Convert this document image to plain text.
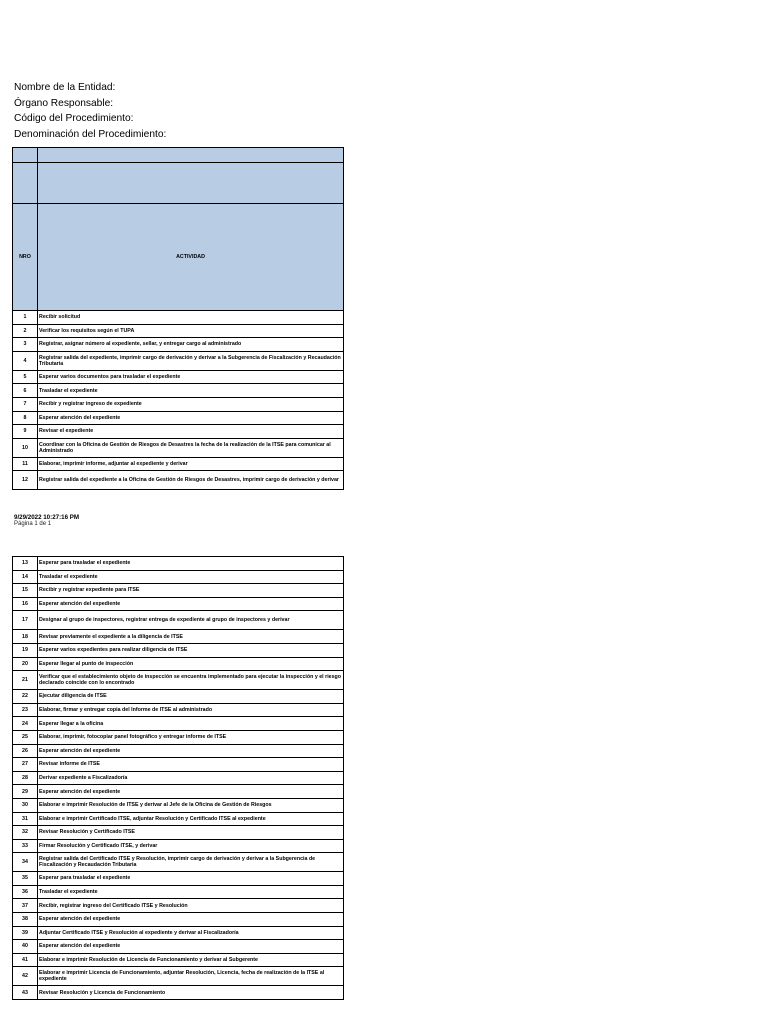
Nombre de la Entidad:
Órgano Responsable:
Código del Procedimiento:
Denominación del Procedimiento:

NRO	ACTIVIDAD
1	Recibir solicitud
2	Verificar los requisitos según el TUPA
3	Registrar, asignar número al expediente, sellar, y entregar cargo al administrado
4	Registrar salida del expediente, imprimir cargo de derivación y derivar a la Subgerencia de Fiscalización y Recaudación Tributaria
5	Esperar varios documentos para trasladar el expediente
6	Trasladar el expediente
7	Recibir y registrar ingreso de expediente
8	Esperar atención del expediente
9	Revisar el expediente
10	Coordinar con la Oficina de Gestión de Riesgos de Desastres la fecha de la realización de la ITSE para comunicar al Administrado
11	Elaborar, imprimir informe, adjuntar al expediente y derivar
12	Registrar salida del expediente a la Oficina de Gestión de Riesgos de Desastres, imprimir cargo de derivación y derivar
9/29/2022 10:27:16 PM
Página 1 de 1
13	Esperar para trasladar el expediente
14	Trasladar el expediente
15	Recibir y registrar expediente para ITSE
16	Esperar atención del expediente
17	Designar al grupo de inspectores, registrar entrega de expediente al grupo de inspectores y derivar
18	Revisar previamente el expediente a la diligencia de ITSE
19	Esperar varios expedientes para realizar diligencia de ITSE
20	Esperar llegar al punto de inspección
21	Verificar que el establecimiento objeto de inspección se encuentra implementado para ejecutar la inspección y el riesgo declarado coincide con lo encontrado
22	Ejecutar diligencia de ITSE
23	Elaborar, firmar y entregar copia del Informe de ITSE al administrado
24	Esperar llegar a la oficina
25	Elaborar, imprimir, fotocopiar panel fotográfico y entregar informe de ITSE
26	Esperar atención del expediente
27	Revisar informe de ITSE
28	Derivar expediente a Fiscalizadoría
29	Esperar atención del expediente
30	Elaborar e imprimir Resolución de ITSE y derivar al Jefe de la Oficina de Gestión de Riesgos
31	Elaborar e imprimir Certificado ITSE, adjuntar Resolución y Certificado ITSE al expediente
32	Revisar Resolución y Certificado ITSE
33	Firmar Resolución y Certificado ITSE, y derivar
34	Registrar salida del Certificado ITSE y Resolución, imprimir cargo de derivación y derivar a la Subgerencia de Fiscalización y Recaudación Tributaria
35	Esperar para trasladar el expediente
36	Trasladar el expediente
37	Recibir, registrar ingreso del Certificado ITSE y Resolución
38	Esperar atención del expediente
39	Adjuntar Certificado ITSE y Resolución al expediente y derivar al Fiscalizadoría
40	Esperar atención del expediente
41	Elaborar e imprimir Resolución de Licencia de Funcionamiento y derivar al Subgerente
42	Elaborar e imprimir Licencia de Funcionamiento, adjuntar Resolución, Licencia, fecha de realización de la ITSE al expediente
43	Revisar Resolución y Licencia de Funcionamiento
